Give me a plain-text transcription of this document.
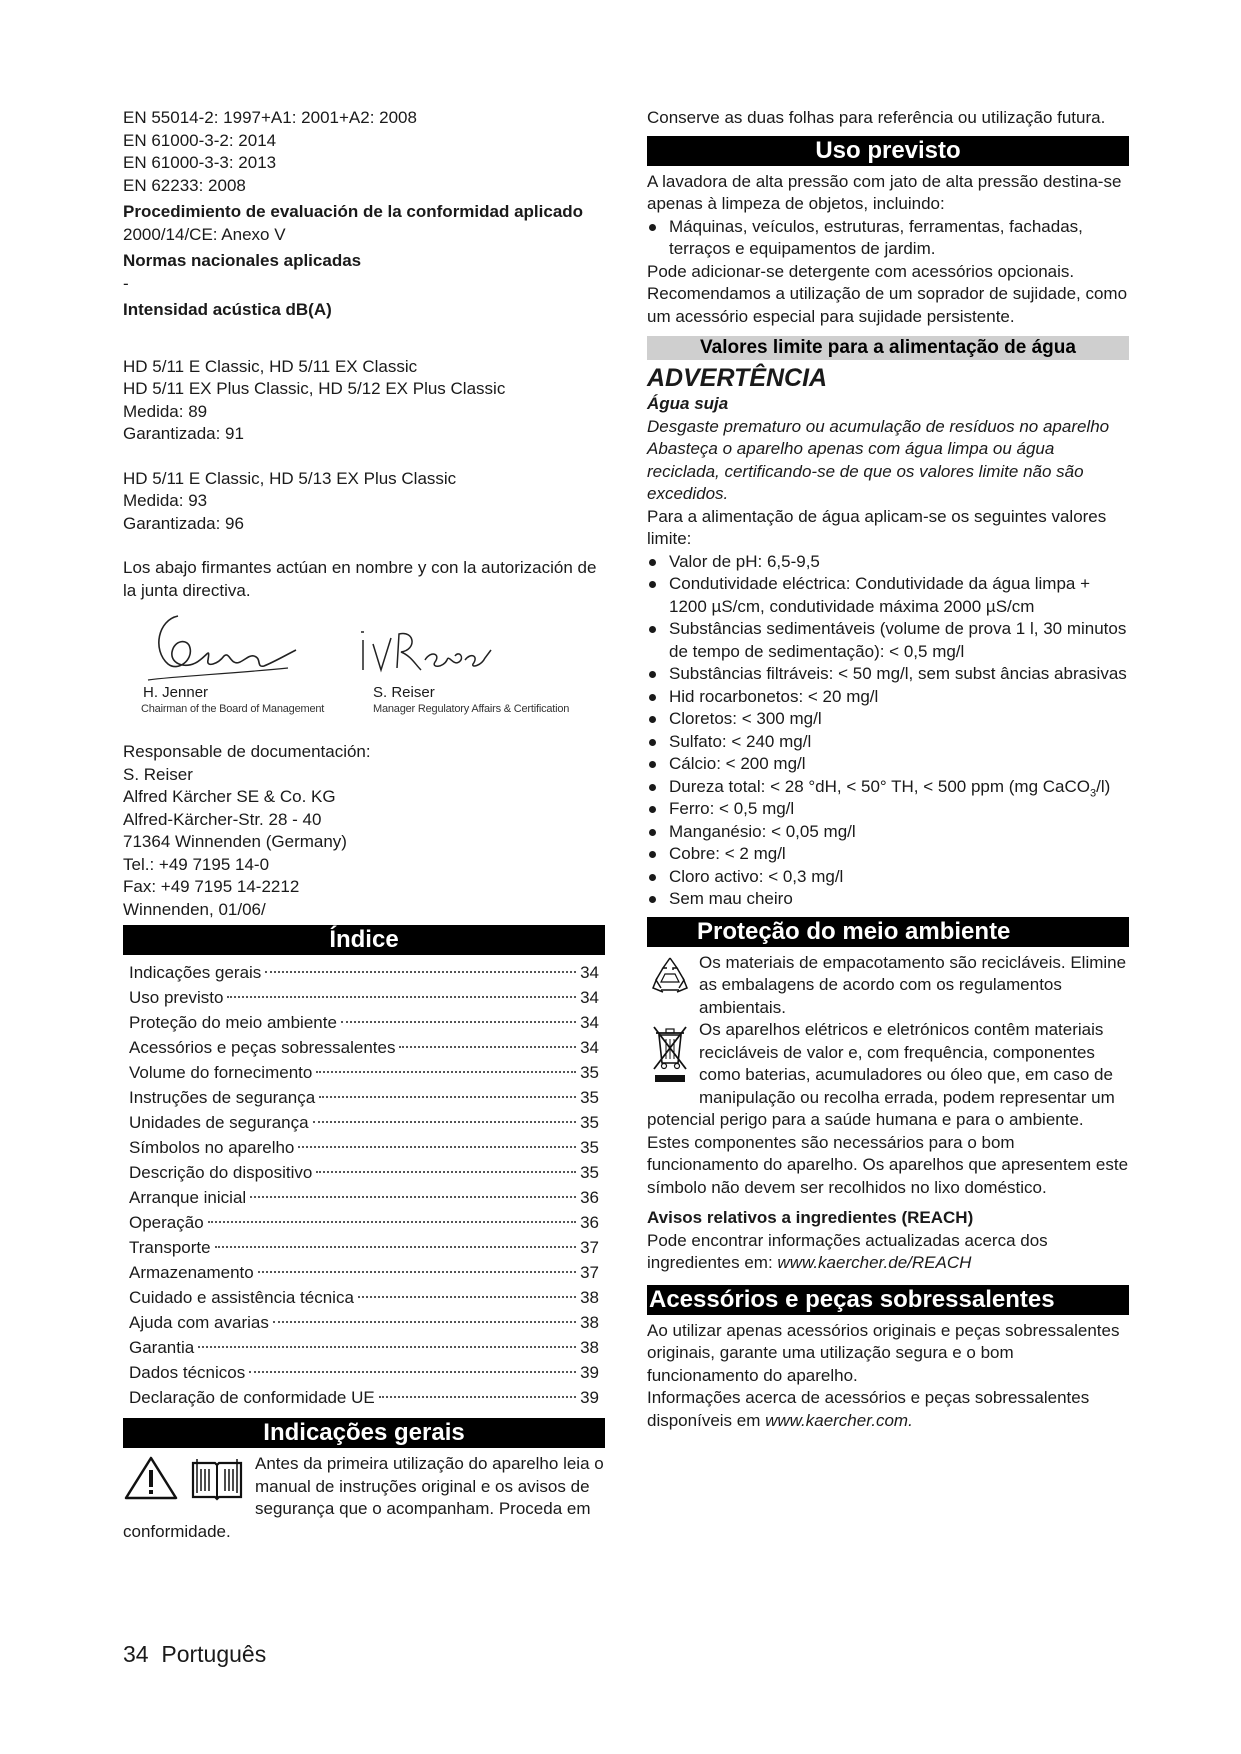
EN 55014-2: 1997+A1: 2001+A2: 2008
EN 61000-3-2: 2014
EN 61000-3-3: 2013
EN 62233: 2008

Procedimiento de evaluación de la conformidad aplicado

2000/14/CE: Anexo V

Normas nacionales aplicadas

-

Intensidad acústica dB(A)

HD 5/11 E Classic, HD 5/11 EX Classic
HD 5/11 EX Plus Classic, HD 5/12 EX Plus Classic
Medida: 89
Garantizada: 91
HD 5/11 E Classic, HD 5/13 EX Plus Classic
Medida: 93
Garantizada: 96

Los abajo firmantes actúan en nombre y con la autorización de la junta directiva.

H. Jenner
Chairman of the Board of Management
S. Reiser
Manager Regulatory Affairs & Certification
Responsable de documentación:
S. Reiser
Alfred Kärcher SE & Co. KG
Alfred-Kärcher-Str. 28 - 40
71364 Winnenden (Germany)
Tel.: +49 7195 14-0
Fax: +49 7195 14-2212
Winnenden, 01/06/
Índice
Indicações gerais	34
Uso previsto	34
Proteção do meio ambiente	34
Acessórios e peças sobressalentes	34
Volume do fornecimento	35
Instruções de segurança	35
Unidades de segurança	35
Símbolos no aparelho	35
Descrição do dispositivo	35
Arranque inicial	36
Operação	36
Transporte	37
Armazenamento	37
Cuidado e assistência técnica	38
Ajuda com avarias	38
Garantia	38
Dados técnicos	39
Declaração de conformidade UE	39
Indicações gerais

Antes da primeira utilização do aparelho leia o manual de instruções original e os avisos de segurança que o acompanham. Proceda em conformidade.

Conserve as duas folhas para referência ou utilização futura.

Uso previsto

A lavadora de alta pressão com jato de alta pressão destina-se apenas à limpeza de objetos, incluindo:

Máquinas, veículos, estruturas, ferramentas, fachadas, terraços e equipamentos de jardim.

Pode adicionar-se detergente com acessórios opcionais. Recomendamos a utilização de um soprador de sujidade, como um acessório especial para sujidade persistente.

Valores limite para a alimentação de água
ADVERTÊNCIA

Água suja

Desgaste prematuro ou acumulação de resíduos no aparelho

Abasteça o aparelho apenas com água limpa ou água reciclada, certificando-se de que os valores limite não são excedidos.

Para a alimentação de água aplicam-se os seguintes valores limite:

Valor de pH: 6,5-9,5
Condutividade eléctrica: Condutividade da água limpa + 1200 µS/cm, condutividade máxima 2000 µS/cm
Substâncias sedimentáveis (volume de prova 1 l, 30 minutos de tempo de sedimentação): < 0,5 mg/l
Substâncias filtráveis: < 50 mg/l, sem subst âncias abrasivas
Hid rocarbonetos: < 20 mg/l
Cloretos: < 300 mg/l
Sulfato: < 240 mg/l
Cálcio: < 200 mg/l
Dureza total: < 28 °dH, < 50° TH, < 500 ppm (mg CaCO$_3$/l)
Ferro: < 0,5 mg/l
Manganésio: < 0,05 mg/l
Cobre: < 2 mg/l
Cloro activo: < 0,3 mg/l
Sem mau cheiro
Proteção do meio ambiente

Os materiais de empacotamento são recicláveis. Elimine as embalagens de acordo com os regulamentos ambientais.

Os aparelhos elétricos e eletrónicos contêm materiais recicláveis de valor e, com frequência, componentes como baterias, acumuladores ou óleo que, em caso de manipulação ou recolha errada, podem representar um potencial perigo para a saúde humana e para o ambiente. Estes componentes são necessários para o bom funcionamento do aparelho. Os aparelhos que apresentem este símbolo não devem ser recolhidos no lixo doméstico.

Avisos relativos a ingredientes (REACH)

Pode encontrar informações actualizadas acerca dos ingredientes em: www.kaercher.de/REACH

Acessórios e peças sobressalentes

Ao utilizar apenas acessórios originais e peças sobressalentes originais, garante uma utilização segura e o bom funcionamento do aparelho.

Informações acerca de acessórios e peças sobressalentes disponíveis em www.kaercher.com.

34 Português
